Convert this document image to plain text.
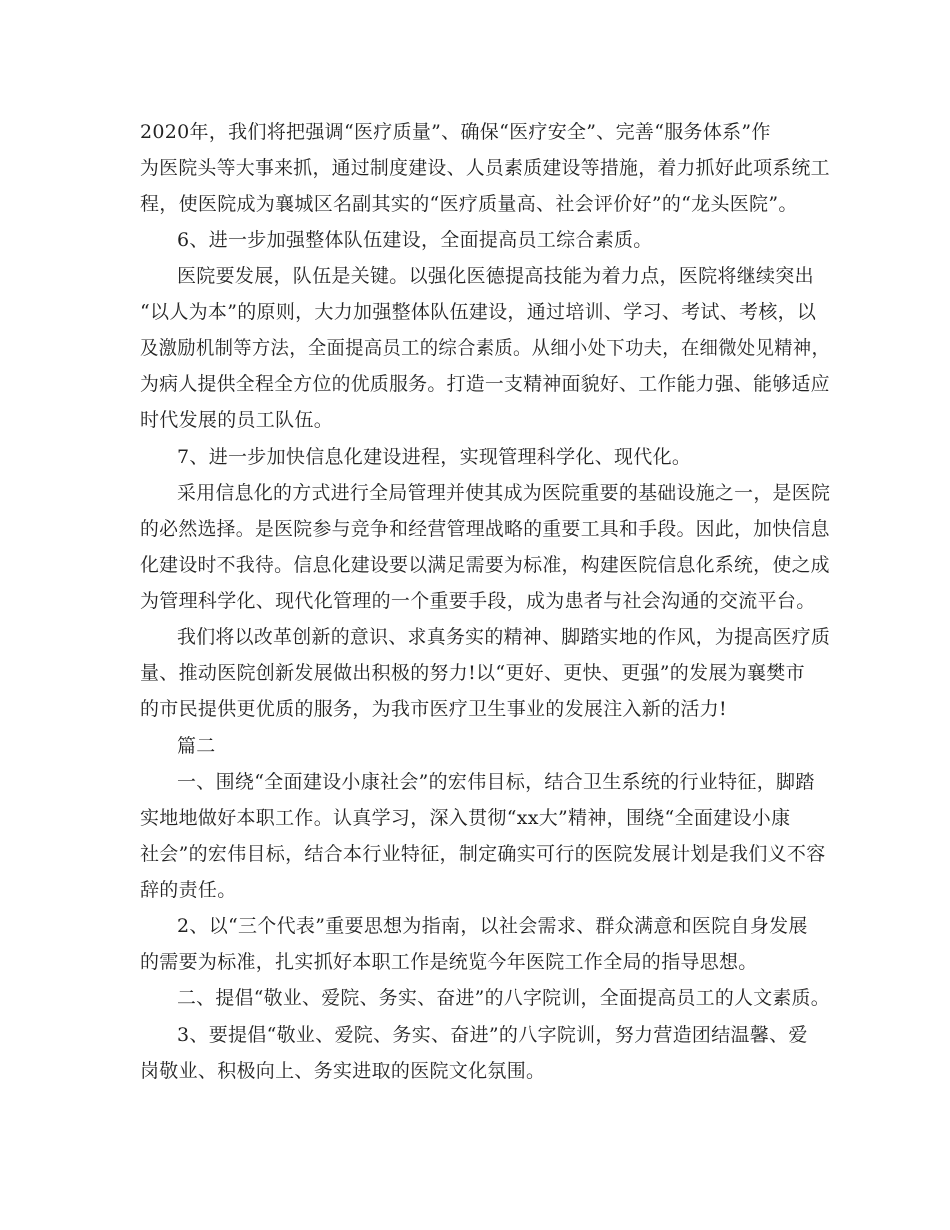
2020年，我们将把强调“医疗质量”、确保“医疗安全”、完善“服务体系”作
为医院头等大事来抓，通过制度建设、人员素质建设等措施，着力抓好此项系统工
程，使医院成为襄城区名副其实的“医疗质量高、社会评价好”的“龙头医院”。
6、进一步加强整体队伍建设，全面提高员工综合素质。
医院要发展，队伍是关键。以强化医德提高技能为着力点，医院将继续突出
“以人为本”的原则，大力加强整体队伍建设，通过培训、学习、考试、考核，以
及激励机制等方法，全面提高员工的综合素质。从细小处下功夫，在细微处见精神，
为病人提供全程全方位的优质服务。打造一支精神面貌好、工作能力强、能够适应
时代发展的员工队伍。
7、进一步加快信息化建设进程，实现管理科学化、现代化。
采用信息化的方式进行全局管理并使其成为医院重要的基础设施之一，是医院
的必然选择。是医院参与竞争和经营管理战略的重要工具和手段。因此，加快信息
化建设时不我待。信息化建设要以满足需要为标准，构建医院信息化系统，使之成
为管理科学化、现代化管理的一个重要手段，成为患者与社会沟通的交流平台。
我们将以改革创新的意识、求真务实的精神、脚踏实地的作风，为提高医疗质
量、推动医院创新发展做出积极的努力!以“更好、更快、更强”的发展为襄樊市
的市民提供更优质的服务，为我市医疗卫生事业的发展注入新的活力!
篇二
一、围绕“全面建设小康社会”的宏伟目标，结合卫生系统的行业特征，脚踏
实地地做好本职工作。认真学习，深入贯彻“xx大”精神，围绕“全面建设小康
社会”的宏伟目标，结合本行业特征，制定确实可行的医院发展计划是我们义不容
辞的责任。
2、以“三个代表”重要思想为指南，以社会需求、群众满意和医院自身发展
的需要为标准，扎实抓好本职工作是统览今年医院工作全局的指导思想。
二、提倡“敬业、爱院、务实、奋进”的八字院训，全面提高员工的人文素质。
3、要提倡“敬业、爱院、务实、奋进”的八字院训，努力营造团结温馨、爱
岗敬业、积极向上、务实进取的医院文化氛围。
